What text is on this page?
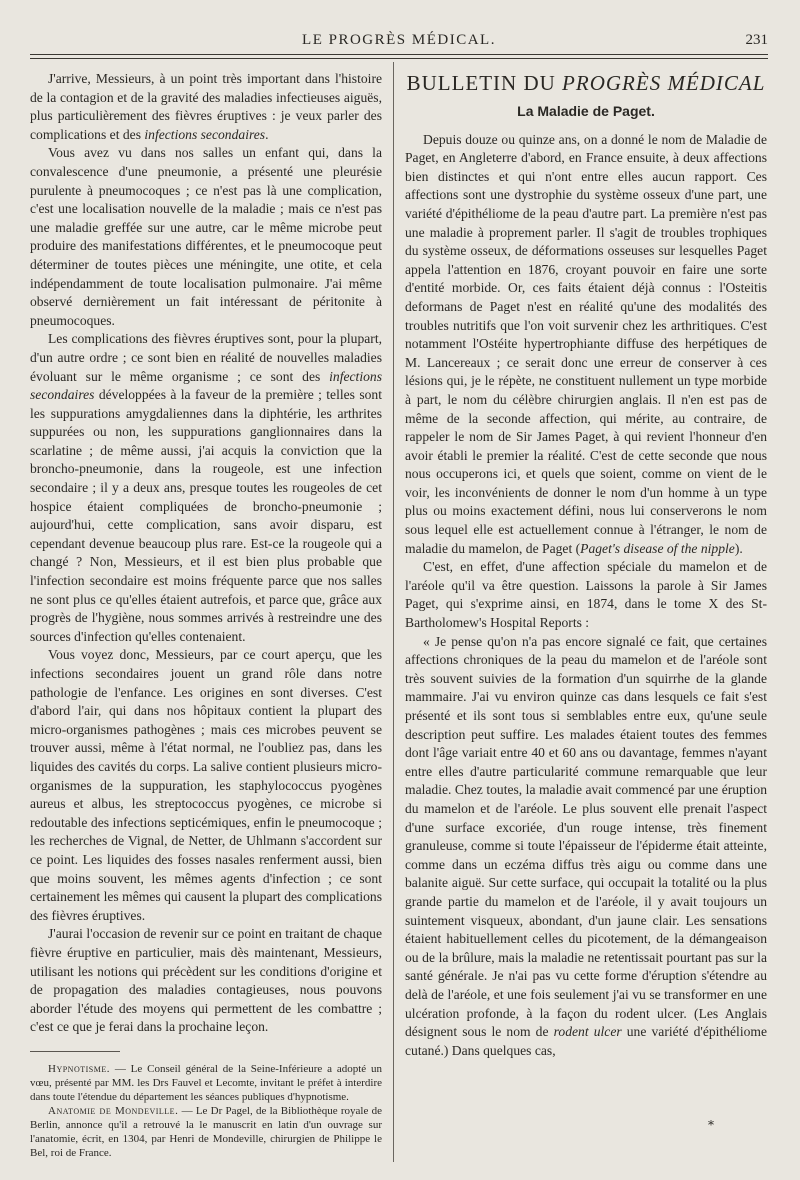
LE PROGRÈS MÉDICAL.	231

J'arrive, Messieurs, à un point très important dans l'histoire de la contagion et de la gravité des maladies infectieuses aiguës, plus particulièrement des fièvres éruptives : je veux parler des complications et des infections secondaires.

Vous avez vu dans nos salles un enfant qui, dans la convalescence d'une pneumonie, a présenté une pleurésie purulente à pneumocoques ; ce n'est pas là une complication, c'est une localisation nouvelle de la maladie ; mais ce n'est pas une maladie greffée sur une autre, car le même microbe peut produire des manifestations différentes, et le pneumocoque peut déterminer de toutes pièces une méningite, une otite, et cela indépendamment de toute localisation pulmonaire. J'ai même observé dernièrement un fait intéressant de péritonite à pneumocoques.

Les complications des fièvres éruptives sont, pour la plupart, d'un autre ordre ; ce sont bien en réalité de nouvelles maladies évoluant sur le même organisme ; ce sont des infections secondaires développées à la faveur de la première ; telles sont les suppurations amygdaliennes dans la diphtérie, les arthrites suppurées ou non, les suppurations ganglionnaires dans la scarlatine ; de même aussi, j'ai acquis la conviction que la broncho-pneumonie, dans la rougeole, est une infection secondaire ; il y a deux ans, presque toutes les rougeoles de cet hospice étaient compliquées de broncho-pneumonie ; aujourd'hui, cette complication, sans avoir disparu, est cependant devenue beaucoup plus rare. Est-ce la rougeole qui a changé ? Non, Messieurs, et il est bien plus probable que l'infection secondaire est moins fréquente parce que nos salles ne sont plus ce qu'elles étaient autrefois, et parce que, grâce aux progrès de l'hygiène, nous sommes arrivés à restreindre une des sources d'infection qu'elles contenaient.

Vous voyez donc, Messieurs, par ce court aperçu, que les infections secondaires jouent un grand rôle dans notre pathologie de l'enfance. Les origines en sont diverses. C'est d'abord l'air, qui dans nos hôpitaux contient la plupart des micro-organismes pathogènes ; mais ces microbes peuvent se trouver aussi, même à l'état normal, ne l'oubliez pas, dans les liquides des cavités du corps. La salive contient plusieurs micro-organismes de la suppuration, les staphylococcus pyogènes aureus et albus, les streptococcus pyogènes, ce microbe si redoutable des infections septicémiques, enfin le pneumocoque ; les recherches de Vignal, de Netter, de Uhlmann s'accordent sur ce point. Les liquides des fosses nasales renferment aussi, bien que moins souvent, les mêmes agents d'infection ; ce sont certainement les mêmes qui causent la plupart des complications des fièvres éruptives.

J'aurai l'occasion de revenir sur ce point en traitant de chaque fièvre éruptive en particulier, mais dès maintenant, Messieurs, utilisant les notions qui précèdent sur les conditions d'origine et de propagation des maladies contagieuses, nous pouvons aborder l'étude des moyens qui permettent de les combattre ; c'est ce que je ferai dans la prochaine leçon.

Hypnotisme. — Le Conseil général de la Seine-Inférieure a adopté un vœu, présenté par MM. les Drs Fauvel et Lecomte, invitant le préfet à interdire dans toute l'étendue du département les séances publiques d'hypnotisme.

Anatomie de Mondeville. — Le Dr Pagel, de la Bibliothèque royale de Berlin, annonce qu'il a retrouvé la le manuscrit en latin d'un ouvrage sur l'anatomie, écrit, en 1304, par Henri de Mondeville, chirurgien de Philippe le Bel, roi de France.

BULLETIN DU PROGRÈS MÉDICAL
La Maladie de Paget.

Depuis douze ou quinze ans, on a donné le nom de Maladie de Paget, en Angleterre d'abord, en France ensuite, à deux affections bien distinctes et qui n'ont entre elles aucun rapport. Ces affections sont une dystrophie du système osseux d'une part, une variété d'épithéliome de la peau d'autre part. La première n'est pas une maladie à proprement parler. Il s'agit de troubles trophiques du système osseux, de déformations osseuses sur lesquelles Paget appela l'attention en 1876, croyant pouvoir en faire une sorte d'entité morbide. Or, ces faits étaient déjà connus : l'Osteitis deformans de Paget n'est en réalité qu'une des modalités des troubles nutritifs que l'on voit survenir chez les arthritiques. C'est notamment l'Ostéite hypertrophiante diffuse des herpétiques de M. Lancereaux ; ce serait donc une erreur de conserver à ces lésions qui, je le répète, ne constituent nullement un type morbide à part, le nom du célèbre chirurgien anglais. Il n'en est pas de même de la seconde affection, qui mérite, au contraire, de rappeler le nom de Sir James Paget, à qui revient l'honneur d'en avoir établi le premier la réalité. C'est de cette seconde que nous nous occuperons ici, et quels que soient, comme on vient de le voir, les inconvénients de donner le nom d'un homme à un type plus ou moins exactement défini, nous lui conserverons le nom sous lequel elle est actuellement connue à l'étranger, le nom de maladie du mamelon, de Paget (Paget's disease of the nipple).

C'est, en effet, d'une affection spéciale du mamelon et de l'aréole qu'il va être question. Laissons la parole à Sir James Paget, qui s'exprime ainsi, en 1874, dans le tome X des St-Bartholomew's Hospital Reports :

« Je pense qu'on n'a pas encore signalé ce fait, que certaines affections chroniques de la peau du mamelon et de l'aréole sont très souvent suivies de la formation d'un squirrhe de la glande mammaire. J'ai vu environ quinze cas dans lesquels ce fait s'est présenté et ils sont tous si semblables entre eux, qu'une seule description peut suffire. Les malades étaient toutes des femmes dont l'âge variait entre 40 et 60 ans ou davantage, femmes n'ayant entre elles d'autre particularité commune remarquable que leur maladie. Chez toutes, la maladie avait commencé par une éruption du mamelon et de l'aréole. Le plus souvent elle prenait l'aspect d'une surface excoriée, d'un rouge intense, très finement granuleuse, comme si toute l'épaisseur de l'épiderme était atteinte, comme dans un eczéma diffus très aigu ou comme dans une balanite aiguë. Sur cette surface, qui occupait la totalité ou la plus grande partie du mamelon et de l'aréole, il y avait toujours un suintement visqueux, abondant, d'un jaune clair. Les sensations étaient habituellement celles du picotement, de la démangeaison ou de la brûlure, mais la maladie ne retentissait pourtant pas sur la santé générale. Je n'ai pas vu cette forme d'éruption s'étendre au delà de l'aréole, et une fois seulement j'ai vu se transformer en une ulcération profonde, à la façon du rodent ulcer. (Les Anglais désignent sous le nom de rodent ulcer une variété d'épithéliome cutané.) Dans quelques cas,

*
